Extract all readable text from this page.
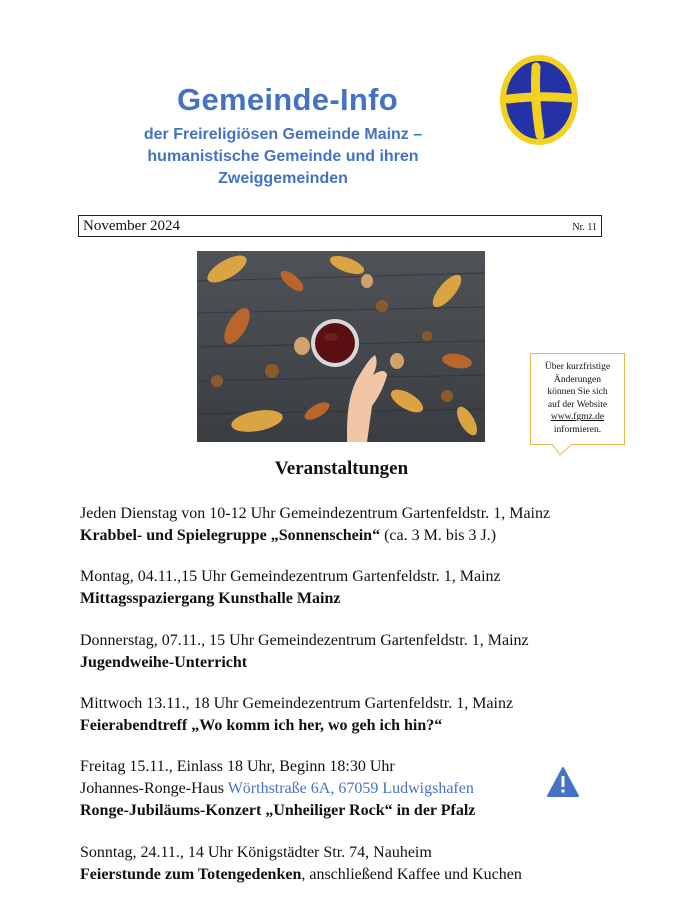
Gemeinde-Info
der Freireligiösen Gemeinde Mainz –
humanistische Gemeinde und ihren
Zweiggemeinden
November 2024	Nr. 11
Über kurzfristige
Änderungen
können Sie sich
auf der Website
www.fgmz.de
informieren.
Veranstaltungen
Jeden Dienstag von 10-12 Uhr Gemeindezentrum Gartenfeldstr. 1, Mainz
Krabbel- und Spielegruppe „Sonnenschein“ (ca. 3 M. bis 3 J.)
Montag, 04.11.,15 Uhr Gemeindezentrum Gartenfeldstr. 1, Mainz
Mittagsspaziergang Kunsthalle Mainz
Donnerstag, 07.11., 15 Uhr Gemeindezentrum Gartenfeldstr. 1, Mainz
Jugendweihe-Unterricht
Mittwoch 13.11., 18 Uhr Gemeindezentrum Gartenfeldstr. 1, Mainz
Feierabendtreff „Wo komm ich her, wo geh ich hin?“
Freitag 15.11., Einlass 18 Uhr, Beginn 18:30 Uhr
Johannes-Ronge-Haus Wörthstraße 6A, 67059 Ludwigshafen
Ronge-Jubiläums-Konzert „Unheiliger Rock“ in der Pfalz
Sonntag, 24.11., 14 Uhr Königstädter Str. 74, Nauheim
Feierstunde zum Totengedenken, anschließend Kaffee und Kuchen
